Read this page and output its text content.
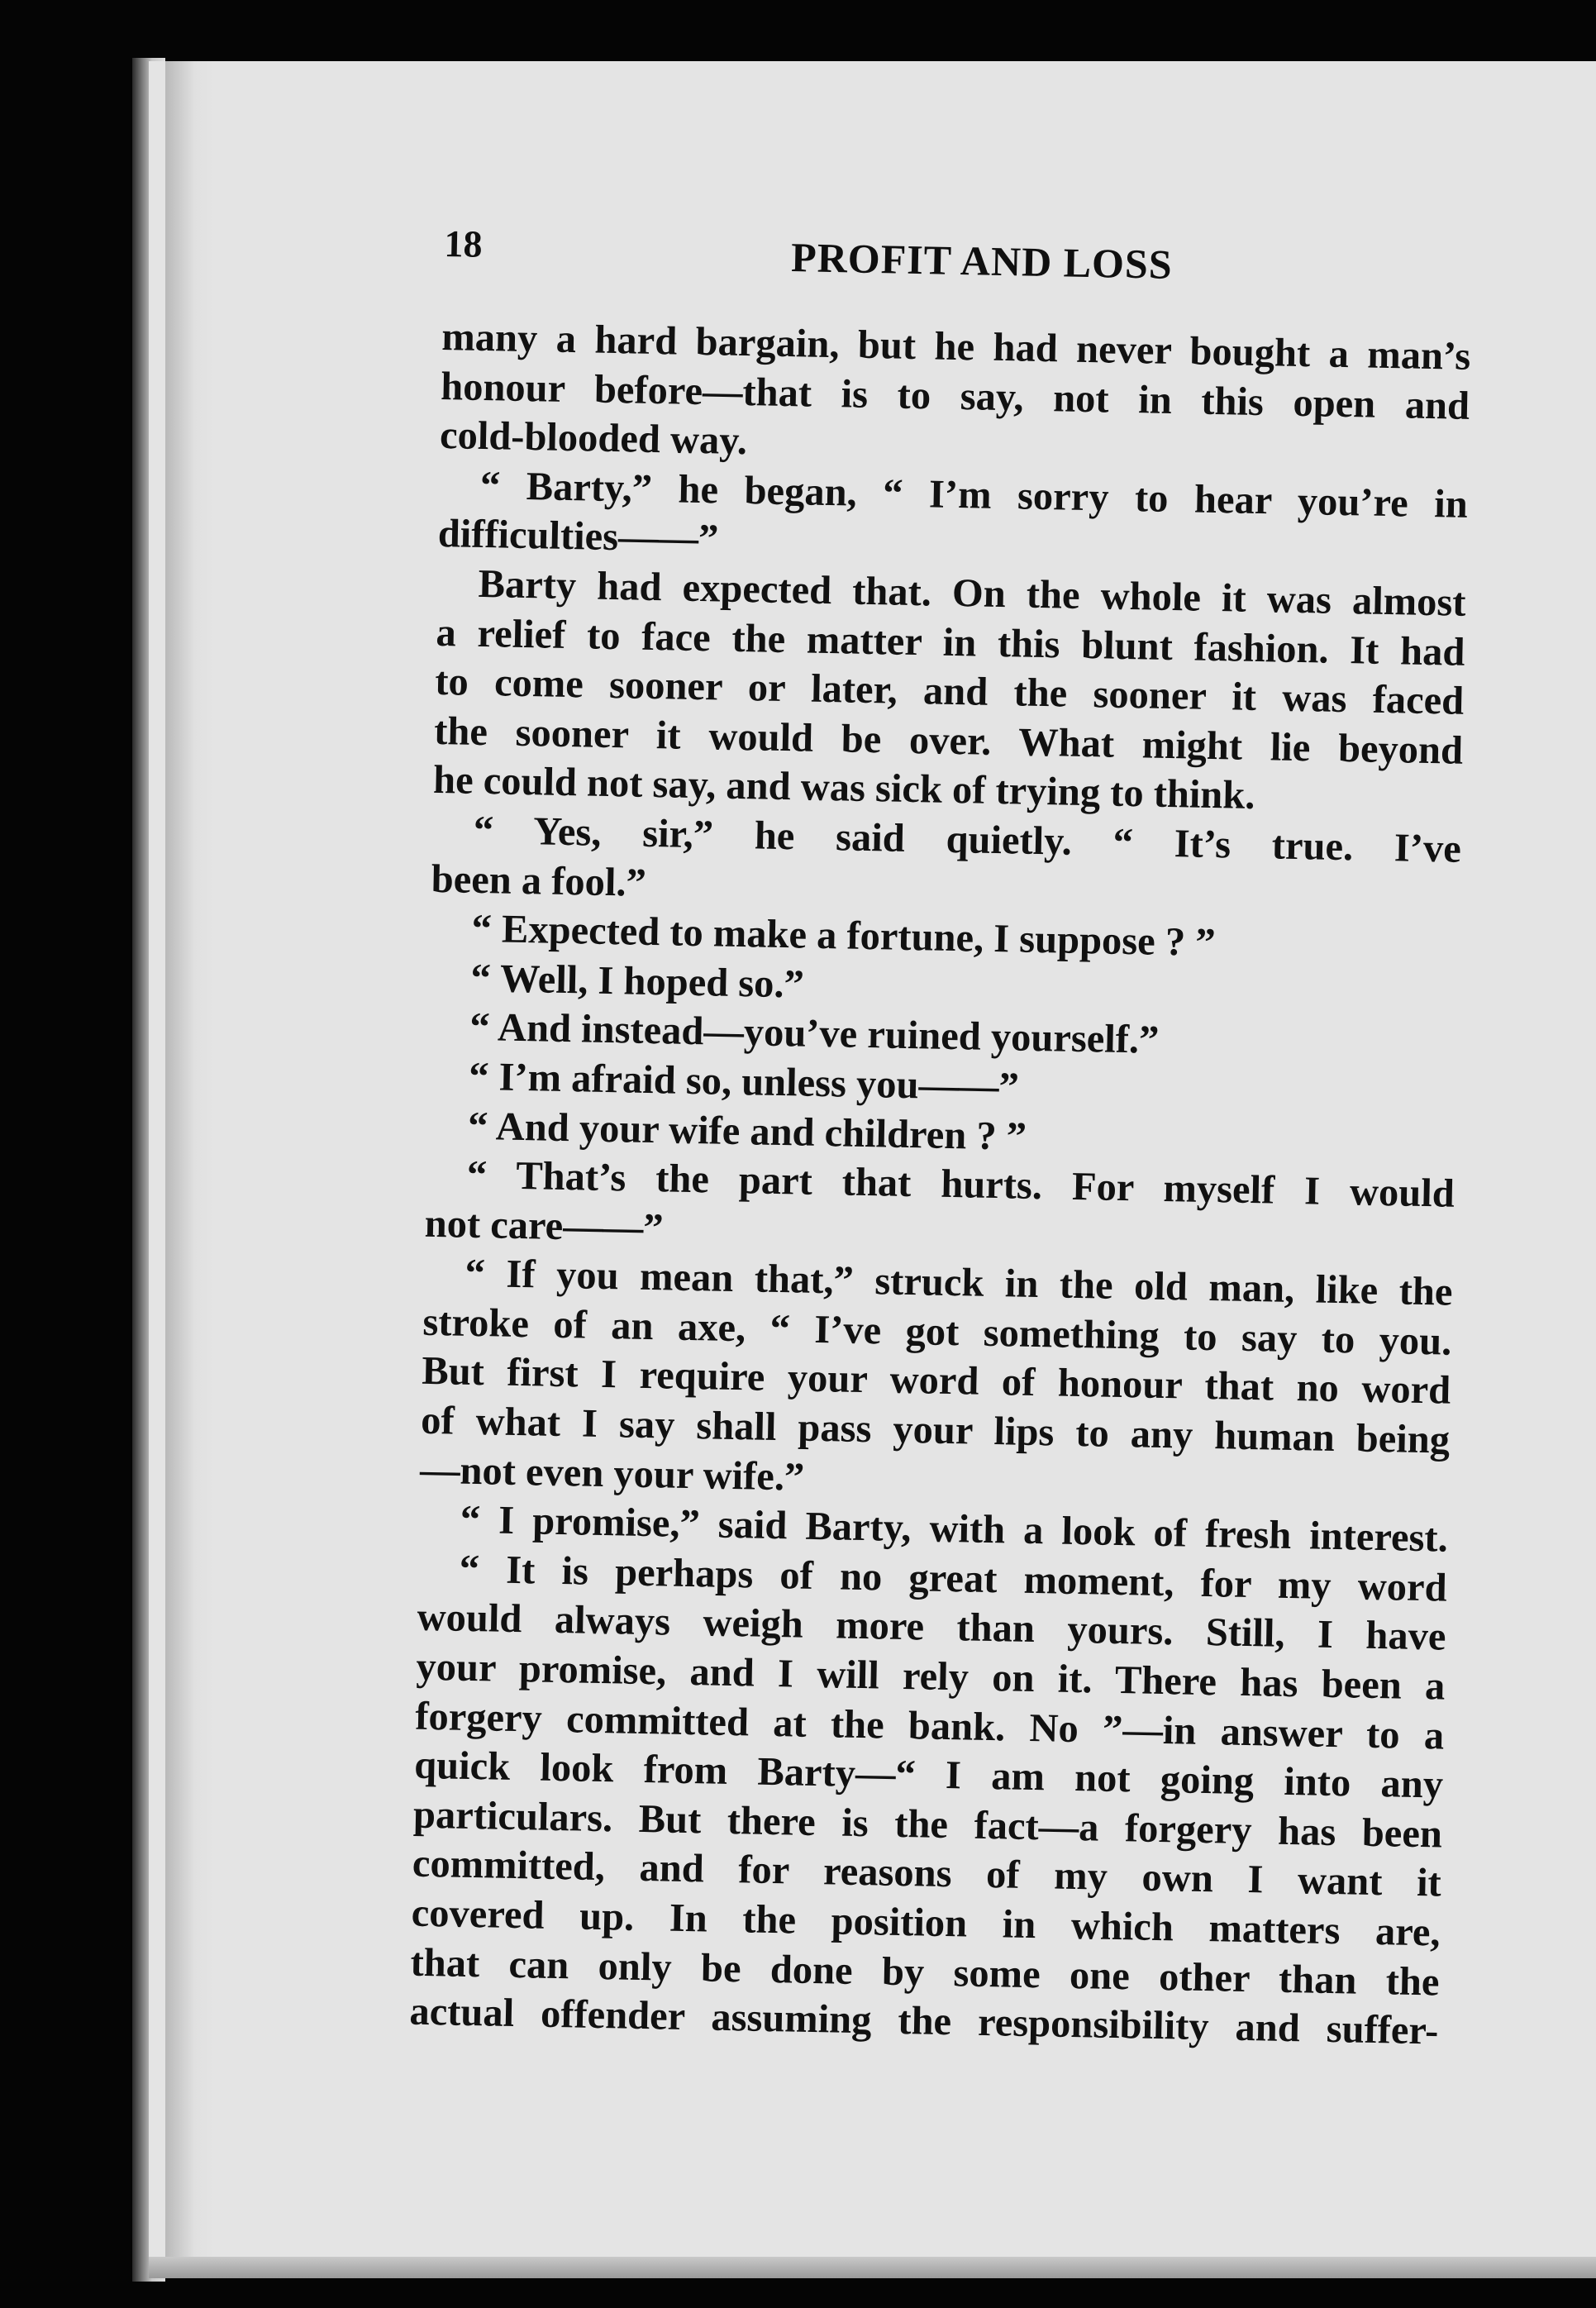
18	PROFIT AND LOSS
many a hard bargain, but he had never bought a man’s
honour before—that is to say, not in this open and
cold-blooded way.
“ Barty,” he began, “ I’m sorry to hear you’re in
difficulties——”
Barty had expected that. On the whole it was almost
a relief to face the matter in this blunt fashion. It had
to come sooner or later, and the sooner it was faced
the sooner it would be over. What might lie beyond
he could not say, and was sick of trying to think.
“ Yes, sir,” he said quietly. “ It’s true. I’ve
been a fool.”
“ Expected to make a fortune, I suppose ? ”
“ Well, I hoped so.”
“ And instead—you’ve ruined yourself.”
“ I’m afraid so, unless you——”
“ And your wife and children ? ”
“ That’s the part that hurts. For myself I would
not care——”
“ If you mean that,” struck in the old man, like the
stroke of an axe, “ I’ve got something to say to you.
But first I require your word of honour that no word
of what I say shall pass your lips to any human being
—not even your wife.”
“ I promise,” said Barty, with a look of fresh interest.
“ It is perhaps of no great moment, for my word
would always weigh more than yours. Still, I have
your promise, and I will rely on it. There has been a
forgery committed at the bank. No ”—in answer to a
quick look from Barty—“ I am not going into any
particulars. But there is the fact—a forgery has been
committed, and for reasons of my own I want it
covered up. In the position in which matters are,
that can only be done by some one other than the
actual offender assuming the responsibility and suffer-
